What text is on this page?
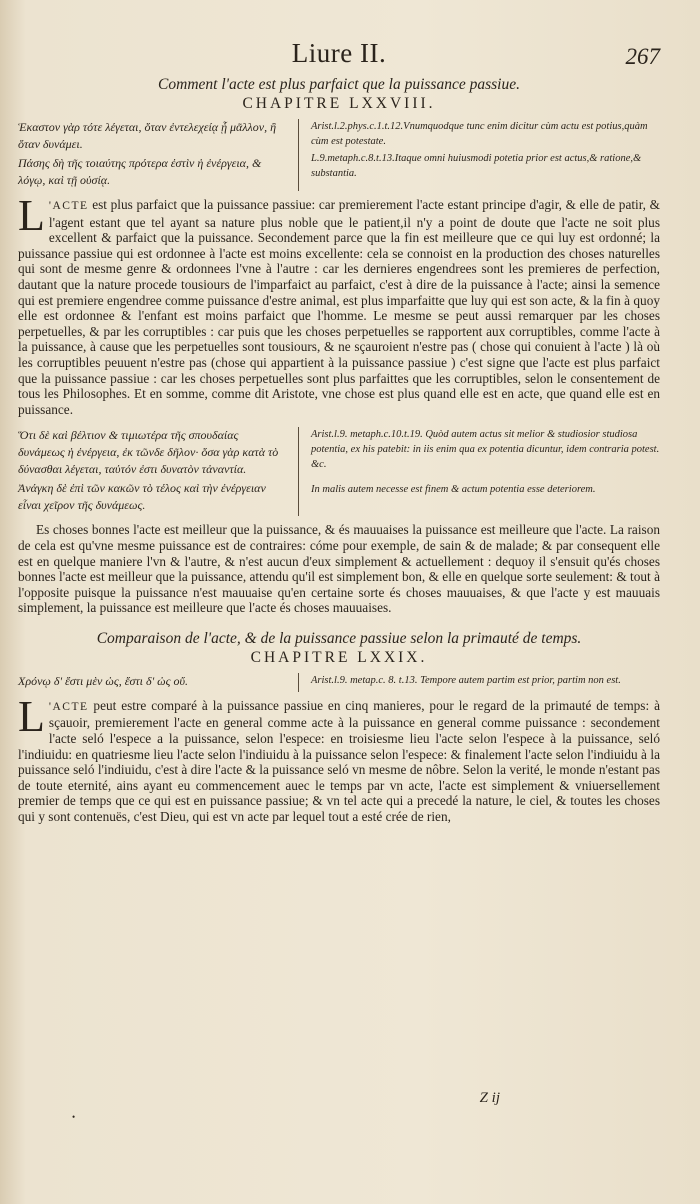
Liure II.	267
Comment l'acte est plus parfaict que la puissance passiue.
CHAPITRE LXXVIII.

Ἑκαστον γὰρ τότε λέγεται, ὅταν ἐντελεχείᾳ ᾖ μᾶλλον, ἢ ὅταν δυνάμει.

Πάσης δὴ τῆς τοιαύτης πρότερα ἐστὶν ἡ ἐνέργεια, & λόγῳ, καὶ τῇ οὐσίᾳ.

Arist.l.2.phys.c.1.t.12.Vnumquodque tunc enim dicitur cùm actu est potius,quàm cùm est potestate.

L.9.metaph.c.8.t.13.Itaque omni huiusmodi potetia prior est actus,& ratione,& substantia.

L 'ACTE est plus parfaict que la puissance passiue: car premierement l'acte estant principe d'agir, & elle de patir, & l'agent estant que tel ayant sa nature plus noble que le patient,il n'y a point de doute que l'acte ne soit plus excellent & parfaict que la puissance. Secondement parce que la fin est meilleure que ce qui luy est ordonné; la puissance passiue qui est ordonnee à l'acte est moins excellente: cela se connoist en la production des choses naturelles qui sont de mesme genre & ordonnees l'vne à l'autre : car les dernieres engendrees sont les premieres de perfection, dautant que la nature procede tousiours de l'imparfaict au parfaict, c'est à dire de la puissance à l'acte; ainsi la semence qui est premiere engendree comme puissance d'estre animal, est plus imparfaitte que luy qui est son acte, & la fin à quoy elle est ordonnee & l'enfant est moins parfaict que l'homme. Le mesme se peut aussi remarquer par les choses perpetuelles, & par les corruptibles : car puis que les choses perpetuelles se rapportent aux corruptibles, comme l'acte à la puissance, à cause que les perpetuelles sont tousiours, & ne sçauroient n'estre pas ( chose qui conuient à l'acte ) là où les corruptibles peuuent n'estre pas (chose qui appartient à la puissance passiue ) c'est signe que l'acte est plus parfaict que la puissance passiue : car les choses perpetuelles sont plus parfaittes que les corruptibles, selon le consentement de tous les Philosophes. Et en somme, comme dit Aristote, vne chose est plus quand elle est en acte, que quand elle est en puissance.

Ὅτι δὲ καὶ βέλτιον & τιμιωτέρα τῆς σπουδαίας δυνάμεως ἡ ἐνέργεια, ἐκ τῶνδε δῆλον· ὅσα γὰρ κατὰ τὸ δύνασθαι λέγεται, ταὐτόν ἐστι δυνατὸν τἀναντία.

Ἀνάγκη δὲ ἐπὶ τῶν κακῶν τὸ τέλος καὶ τὴν ἐνέργειαν εἶναι χεῖρον τῆς δυνάμεως.

Arist.l.9. metaph.c.10.t.19. Quòd autem actus sit melior & studiosior studiosa potentia, ex his patebit: in iis enim qua ex potentia dicuntur, idem contraria potest. &c.

In malis autem necesse est finem & actum potentia esse deteriorem.

Es choses bonnes l'acte est meilleur que la puissance, & és mauuaises la puissance est meilleure que l'acte. La raison de cela est qu'vne mesme puissance est de contraires: cóme pour exemple, de sain & de malade; & par consequent elle est en quelque maniere l'vn & l'autre, & n'est aucun d'eux simplement & actuellement : dequoy il s'ensuit qu'és choses bonnes l'acte est meilleur que la puissance, attendu qu'il est simplement bon, & elle en quelque sorte seulement: & tout à l'opposite puisque la puissance n'est mauuaise qu'en certaine sorte és choses mauuaises, & que l'acte y est mauuais simplement, la puissance est meilleure que l'acte és choses mauuaises.

Comparaison de l'acte, & de la puissance passiue selon la primauté de temps.
CHAPITRE LXXIX.

Χρόνῳ δ' ἔστι μὲν ὡς, ἔστι δ' ὡς οὔ.	Arist.l.9. metap.c. 8. t.13. Tempore autem partim est prior, partim non est.

L 'ACTE peut estre comparé à la puissance passiue en cinq manieres, pour le regard de la primauté de temps: à sçauoir, premierement l'acte en general comme acte à la puissance en general comme puissance : secondement l'acte seló l'espece a la puissance, selon l'espece: en troisiesme lieu l'acte selon l'espece à la puissance, seló l'indiuidu: en quatriesme lieu l'acte selon l'indiuidu à la puissance selon l'espece: & finalement l'acte selon l'indiuidu à la puissance seló l'indiuidu, c'est à dire l'acte & la puissance seló vn mesme de nôbre. Selon la verité, le monde n'estant pas de toute eternité, ains ayant eu commencement auec le temps par vn acte, l'acte est simplement & vniuersellement premier de temps que ce qui est en puissance passiue; & vn tel acte qui a precedé la nature, le ciel, & toutes les choses qui y sont contenuës, c'est Dieu, qui est vn acte par lequel tout a esté crée de rien,

Z ij
•
